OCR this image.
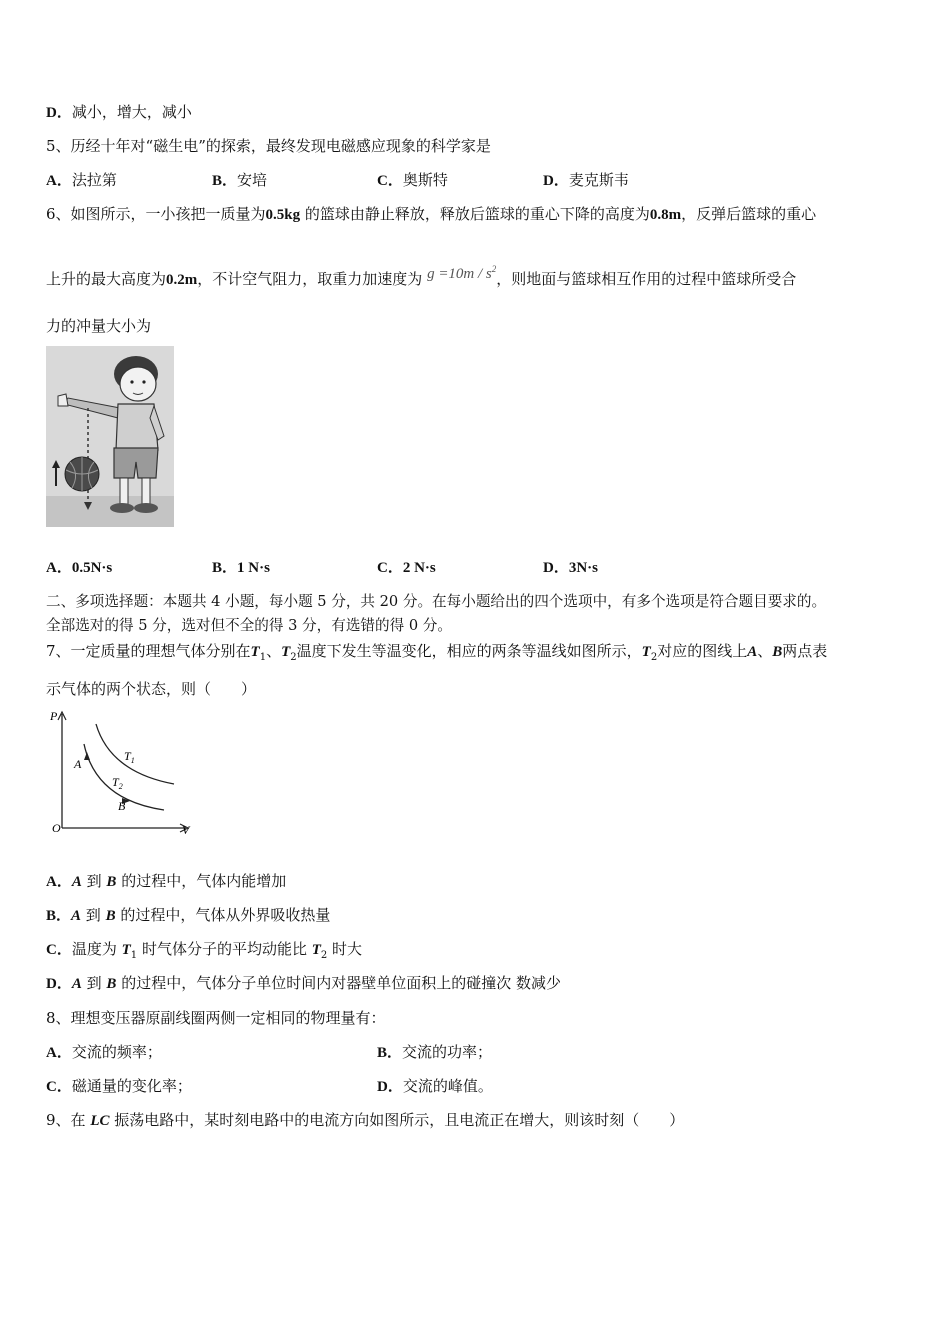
D．减小，增大，减小
5、历经十年对“磁生电”的探索，最终发现电磁感应现象的科学家是
A．法拉第	B．安培	C．奥斯特	D．麦克斯韦
6、如图所示，一小孩把一质量为0.5kg 的篮球由静止释放，释放后篮球的重心下降的高度为0.8m，反弹后篮球的重心
上升的最大高度为0.2m，不计空气阻力，取重力加速度为 $g =10m / s^2$，则地面与篮球相互作用的过程中篮球所受合
力的冲量大小为
A．0.5N·s	B．1 N·s	C．2 N·s	D．3N·s
二、多项选择题：本题共 4 小题，每小题 5 分，共 20 分。在每小题给出的四个选项中，有多个选项是符合题目要求的。
全部选对的得 5 分，选对但不全的得 3 分，有选错的得 0 分。
7、一定质量的理想气体分别在$T_1$、$T_2$温度下发生等温变化，相应的两条等温线如图所示，$T_2$对应的图线上A、B两点表
示气体的两个状态，则（　　）
P
V
O
$T_1$
$T_2$
A
B
A．A 到 B 的过程中，气体内能增加
B．A 到 B 的过程中，气体从外界吸收热量
C．温度为 $T_1$ 时气体分子的平均动能比 $T_2$ 时大
D．A 到 B 的过程中，气体分子单位时间内对器壁单位面积上的碰撞次 数减少
8、理想变压器原副线圈两侧一定相同的物理量有：
A．交流的频率；	B．交流的功率；
C．磁通量的变化率；	D．交流的峰值。
9、在 LC 振荡电路中，某时刻电路中的电流方向如图所示，且电流正在增大，则该时刻（　　）
